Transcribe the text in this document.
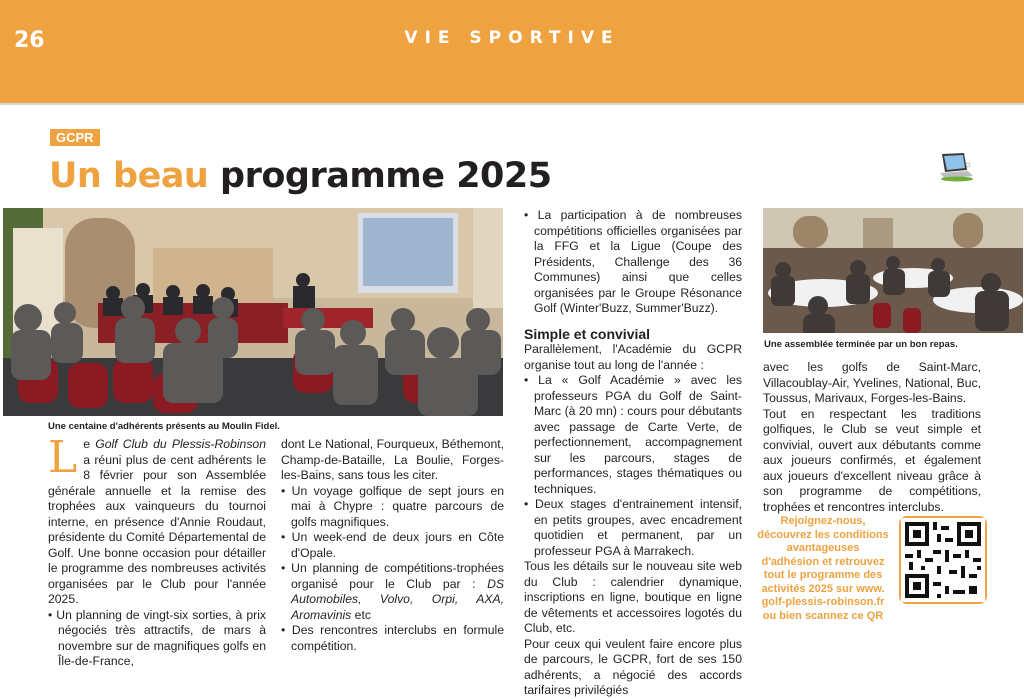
26	VIE SPORTIVE
GCPR
Un beau programme 2025
Une centaine d'adhérents présents au Moulin Fidel.
Une assemblée terminée par un bon repas.

Le Golf Club du Plessis-Robinson a réuni plus de cent adhérents le 8 février pour son Assemblée générale annuelle et la remise des trophées aux vainqueurs du tournoi interne, en présence d'Annie Roudaut, présidente du Comité Départemental de Golf. Une bonne occasion pour détailler le programme des nombreuses activités organisées par le Club pour l'année 2025.

• Un planning de vingt-six sorties, à prix négociés très attractifs, de mars à novembre sur de magnifiques golfs en Île-de-France,

dont Le National, Fourqueux, Béthemont, Champ-de-Bataille, La Boulie, Forges-les-Bains, sans tous les citer.

• Un voyage golfique de sept jours en mai à Chypre : quatre parcours de golfs magnifiques.

• Un week-end de deux jours en Côte d'Opale.

• Un planning de compétitions-trophées organisé pour le Club par : DS Automobiles, Volvo, Orpi, AXA, Aromavinis etc

• Des rencontres interclubs en formule compétition.

• La participation à de nombreuses compétitions officielles organisées par la FFG et la Ligue (Coupe des Présidents, Challenge des 36 Communes) ainsi que celles organisées par le Groupe Résonance Golf (Winter'Buzz, Summer'Buzz).

Simple et convivial

Parallèlement, l'Académie du GCPR organise tout au long de l'année :

• La « Golf Académie » avec les professeurs PGA du Golf de Saint-Marc (à 20 mn) : cours pour débutants avec passage de Carte Verte, de perfectionnement, accompagnement sur les parcours, stages de performances, stages thématiques ou techniques.

• Deux stages d'entrainement intensif, en petits groupes, avec encadrement quotidien et permanent, par un professeur PGA à Marrakech.

Tous les détails sur le nouveau site web du Club : calendrier dynamique, inscriptions en ligne, boutique en ligne de vêtements et accessoires logotés du Club, etc.

Pour ceux qui veulent faire encore plus de parcours, le GCPR, fort de ses 150 adhérents, a négocié des accords tarifaires privilégiés

avec les golfs de Saint-Marc, Villacoublay-Air, Yvelines, National, Buc, Toussus, Marivaux, Forges-les-Bains.

Tout en respectant les traditions golfiques, le Club se veut simple et convivial, ouvert aux débutants comme aux joueurs confirmés, et également aux joueurs d'excellent niveau grâce à son programme de compétitions, trophées et rencontres interclubs.

Rejoignez-nous,
découvrez les conditions
avantageuses
d'adhésion et retrouvez
tout le programme des
activités 2025 sur www.
golf-plessis-robinson.fr
ou bien scannez ce QR
